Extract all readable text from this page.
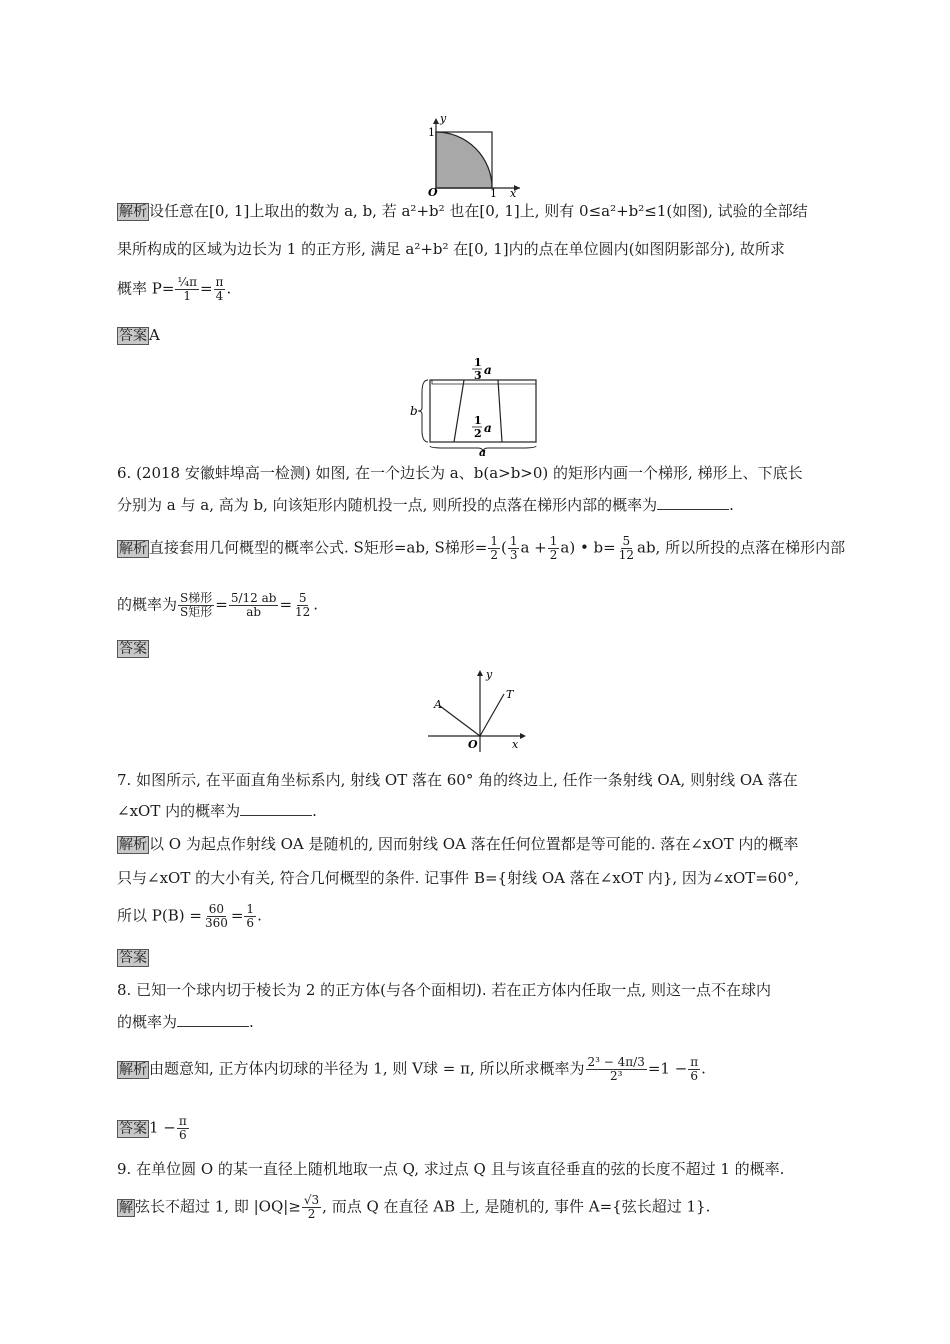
y
1
O	1 x
解析 设任意在[0, 1]上取出的数为 a, b, 若 a²+b² 也在[0, 1]上, 则有 0≤a²+b²≤1(如图), 试验的全部结
果所构成的区域为边长为 1 的正方形, 满足 a²+b² 在[0, 1]内的点在单位圆内(如图阴影部分), 故所求
概率 $P= \frac{\text{¼π}}{1} = \frac{\pi}{4}$ .
答案 A
1
3 a
1
2 a
b
a
6. (2018 安徽蚌埠高一检测) 如图, 在一个边长为 a、b(a>b>0) 的矩形内画一个梯形, 梯形上、下底长
分别为 a 与 a, 高为 b, 向该矩形内随机投一点, 则所投的点落在梯形内部的概率为	.
解析 直接套用几何概型的概率公式. S矩形=ab, S梯形= $\frac{1}{2}$ ( $\frac{1}{3}$ $a + \frac{1}{2} a$) • $b= \frac{5}{12}$ ab, 所以所投的点落在梯形内部
的概率为 $\frac{\text{S梯形}}{\text{S矩形}} = \frac{5/12 ab}{ab} = \frac{5}{12}$ .
答案
y
A
T
O	x
7. 如图所示, 在平面直角坐标系内, 射线 OT 落在 60° 角的终边上, 任作一条射线 OA, 则射线 OA 落在
∠xOT 内的概率为	.
解析 以 O 为起点作射线 OA 是随机的, 因而射线 OA 落在任何位置都是等可能的. 落在∠xOT 内的概率
只与∠xOT 的大小有关, 符合几何概型的条件. 记事件 B={射线 OA 落在∠xOT 内}, 因为∠xOT=60°,
所以 $P(B) = \frac{60}{360} = \frac{1}{6}$ .
答案
8. 已知一个球内切于棱长为 2 的正方体(与各个面相切). 若在正方体内任取一点, 则这一点不在球内
的概率为	.
解析 由题意知, 正方体内切球的半径为 1, 则 V球 = π, 所以所求概率为 $\frac{\text{2³ − 4π/3}}{\text{2³}} =1 - \frac{\pi}{6}$ .
答案 $1 - \frac{\pi}{6}$
9. 在单位圆 O 的某一直径上随机地取一点 Q, 求过点 Q 且与该直径垂直的弦的长度不超过 1 的概率.
解 弦长不超过 1, 即 $|OQ|\ge \frac{√3}{2}$ , 而点 Q 在直径 AB 上, 是随机的, 事件 A={弦长超过 1}.
